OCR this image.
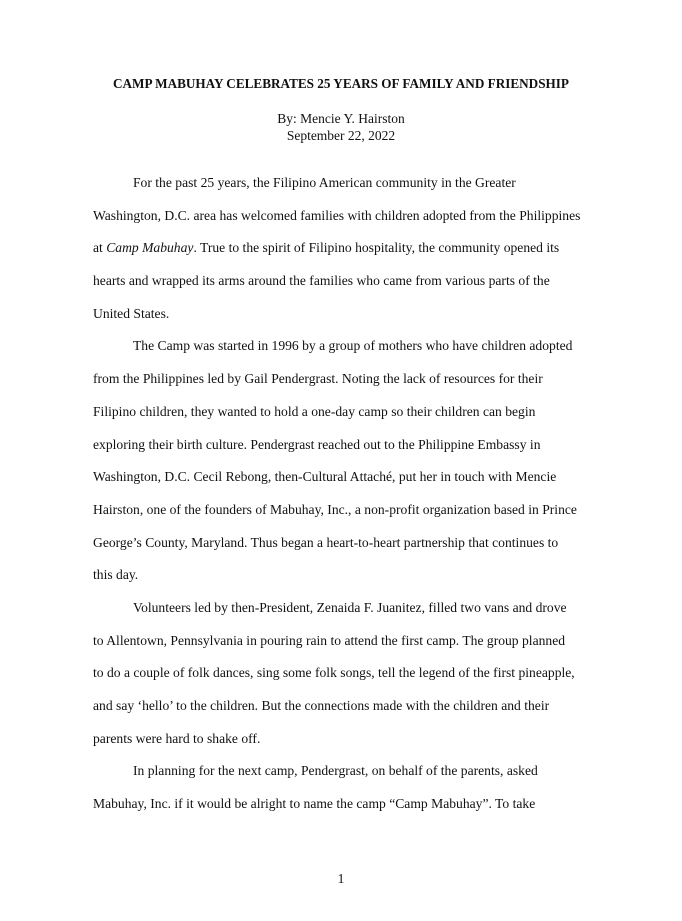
CAMP MABUHAY CELEBRATES 25 YEARS OF FAMILY AND FRIENDSHIP
By: Mencie Y. Hairston
September 22, 2022
For the past 25 years, the Filipino American community in the Greater
Washington, D.C. area has welcomed families with children adopted from the Philippines
at Camp Mabuhay. True to the spirit of Filipino hospitality, the community opened its
hearts and wrapped its arms around the families who came from various parts of the
United States.
The Camp was started in 1996 by a group of mothers who have children adopted
from the Philippines led by Gail Pendergrast. Noting the lack of resources for their
Filipino children, they wanted to hold a one-day camp so their children can begin
exploring their birth culture. Pendergrast reached out to the Philippine Embassy in
Washington, D.C. Cecil Rebong, then-Cultural Attaché, put her in touch with Mencie
Hairston, one of the founders of Mabuhay, Inc., a non-profit organization based in Prince
George’s County, Maryland. Thus began a heart-to-heart partnership that continues to
this day.
Volunteers led by then-President, Zenaida F. Juanitez, filled two vans and drove
to Allentown, Pennsylvania in pouring rain to attend the first camp. The group planned
to do a couple of folk dances, sing some folk songs, tell the legend of the first pineapple,
and say ‘hello’ to the children. But the connections made with the children and their
parents were hard to shake off.
In planning for the next camp, Pendergrast, on behalf of the parents, asked
Mabuhay, Inc. if it would be alright to name the camp “Camp Mabuhay”. To take
1
